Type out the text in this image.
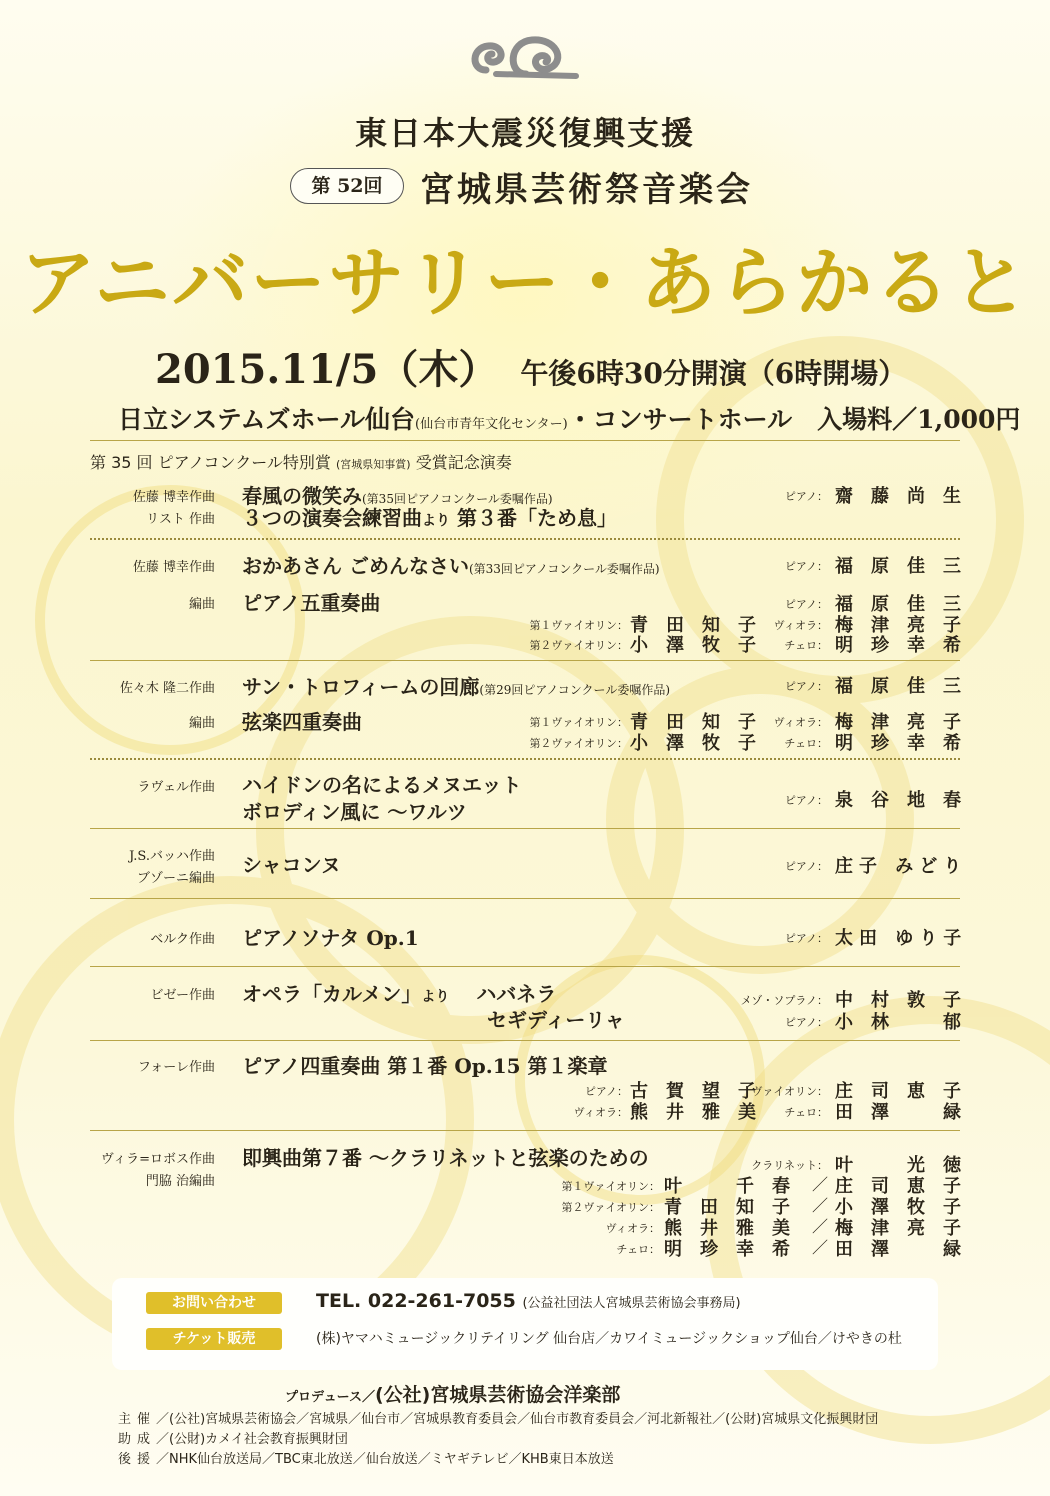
東日本大震災復興支援
第 52回	宮城県芸術祭音楽会
アニバーサリー・あらかると
2015.11/5（木） 午後6時30分開演（6時開場）
日立システムズホール仙台(仙台市青年文化センター)・コンサートホール　入場料／1,000円
第 35 回 ピアノコンクール特別賞 (宮城県知事賞) 受賞記念演奏
佐藤 博幸作曲 春風の微笑み(第35回ピアノコンクール委嘱作品)	ピアノ： 齋藤尚生
リスト 作曲 ３つの演奏会練習曲より 第３番「ため息」
佐藤 博幸作曲 おかあさん ごめんなさい(第33回ピアノコンクール委嘱作品)	ピアノ： 福原佳三
編曲 ピアノ五重奏曲	ピアノ： 福原佳三
第１ヴァイオリン： 青田知子 ヴィオラ： 梅津亮子
第２ヴァイオリン： 小澤牧子 チェロ： 明珍幸希
佐々木 隆二作曲 サン・トロフィームの回廊(第29回ピアノコンクール委嘱作品)	ピアノ： 福原佳三
編曲 弦楽四重奏曲	第１ヴァイオリン： 青田知子 ヴィオラ： 梅津亮子
第２ヴァイオリン： 小澤牧子 チェロ： 明珍幸希
ラヴェル作曲 ハイドンの名によるメヌエット
ボロディン風に ～ワルツ	ピアノ： 泉谷地春
J.S.バッハ作曲
ブゾーニ編曲
シャコンヌ	ピアノ： 庄子 みどり
ベルク作曲 ピアノソナタ Op.1	ピアノ： 太田 ゆり子
ビゼー作曲 オペラ「カルメン」より　 ハバネラ
セギディーリャ
メゾ・ソプラノ： 中村敦子
ピアノ： 小林　郁
フォーレ作曲 ピアノ四重奏曲 第１番 Op.15 第１楽章
ピアノ： 古賀望子
ヴァイオリン： 庄司恵子
ヴィオラ： 熊井雅美 チェロ： 田澤　緑
ヴィラ=ロボス作曲
門脇 治編曲
即興曲第７番 ～クラリネットと弦楽のための	クラリネット： 叶　光徳
第１ヴァイオリン： 叶　千春 ／ 庄司恵子
第２ヴァイオリン： 青田知子 ／ 小澤牧子
ヴィオラ： 熊井雅美 ／ 梅津亮子
チェロ： 明珍幸希 ／ 田澤　緑
お問い合わせ	TEL. 022-261-7055 (公益社団法人宮城県芸術協会事務局)
チケット販売	(株)ヤマハミュージックリテイリング 仙台店／カワイミュージックショップ仙台／けやきの杜
プロデュース／(公社)宮城県芸術協会洋楽部
主催／(公社)宮城県芸術協会／宮城県／仙台市／宮城県教育委員会／仙台市教育委員会／河北新報社／(公財)宮城県文化振興財団
助成／(公財)カメイ社会教育振興財団
後援／NHK仙台放送局／TBC東北放送／仙台放送／ミヤギテレビ／KHB東日本放送
